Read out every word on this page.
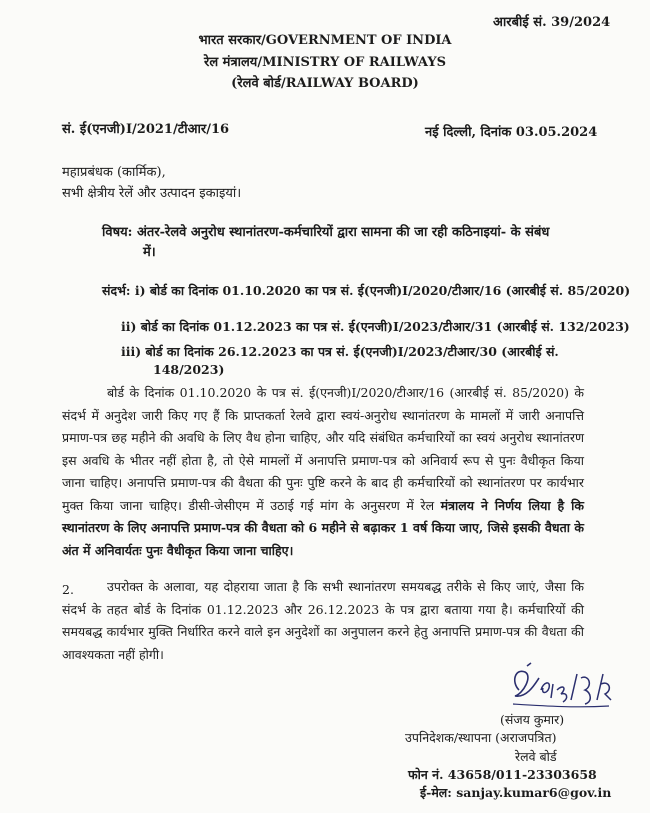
आरबीई सं. 39/2024
भारत सरकार/GOVERNMENT OF INDIA
रेल मंत्रालय/MINISTRY OF RAILWAYS
(रेलवे बोर्ड/RAILWAY BOARD)
सं. ई(एनजी)I/2021/टीआर/16	नई दिल्ली, दिनांक 03.05.2024
महाप्रबंधक (कार्मिक),
सभी क्षेत्रीय रेलें और उत्पादन इकाइयां।
विषय: अंतर-रेलवे अनुरोध स्थानांतरण-कर्मचारियों द्वारा सामना की जा रही कठिनाइयां- के संबंध
में।
संदर्भ: i) बोर्ड का दिनांक 01.10.2020 का पत्र सं. ई(एनजी)I/2020/टीआर/16 (आरबीई सं. 85/2020)
ii) बोर्ड का दिनांक 01.12.2023 का पत्र सं. ई(एनजी)I/2023/टीआर/31 (आरबीई सं. 132/2023)
iii) बोर्ड का दिनांक 26.12.2023 का पत्र सं. ई(एनजी)I/2023/टीआर/30 (आरबीई सं.
148/2023)
बोर्ड के दिनांक 01.10.2020 के पत्र सं. ई(एनजी)I/2020/टीआर/16 (आरबीई सं. 85/2020) के संदर्भ में अनुदेश जारी किए गए हैं कि प्राप्तकर्ता रेलवे द्वारा स्वयं-अनुरोध स्थानांतरण के मामलों में जारी अनापत्ति प्रमाण-पत्र छह महीने की अवधि के लिए वैध होना चाहिए, और यदि संबंधित कर्मचारियों का स्वयं अनुरोध स्थानांतरण इस अवधि के भीतर नहीं होता है, तो ऐसे मामलों में अनापत्ति प्रमाण-पत्र को अनिवार्य रूप से पुनः वैधीकृत किया जाना चाहिए। अनापत्ति प्रमाण-पत्र की वैधता की पुनः पुष्टि करने के बाद ही कर्मचारियों को स्थानांतरण पर कार्यभार मुक्त किया जाना चाहिए। डीसी-जेसीएम में उठाई गई मांग के अनुसरण में रेल मंत्रालय ने निर्णय लिया है कि स्थानांतरण के लिए अनापत्ति प्रमाण-पत्र की वैधता को 6 महीने से बढ़ाकर 1 वर्ष किया जाए, जिसे इसकी वैधता के अंत में अनिवार्यतः पुनः वैधीकृत किया जाना चाहिए।
2.	उपरोक्त के अलावा, यह दोहराया जाता है कि सभी स्थानांतरण समयबद्ध तरीके से किए जाएं, जैसा कि संदर्भ के तहत बोर्ड के दिनांक 01.12.2023 और 26.12.2023 के पत्र द्वारा बताया गया है। कर्मचारियों की समयबद्ध कार्यभार मुक्ति निर्धारित करने वाले इन अनुदेशों का अनुपालन करने हेतु अनापत्ति प्रमाण-पत्र की वैधता की आवश्यकता नहीं होगी।
(संजय कुमार)
उपनिदेशक/स्थापना (अराजपत्रित)
रेलवे बोर्ड
फोन नं. 43658/011-23303658
ई-मेल: sanjay.kumar6@gov.in
